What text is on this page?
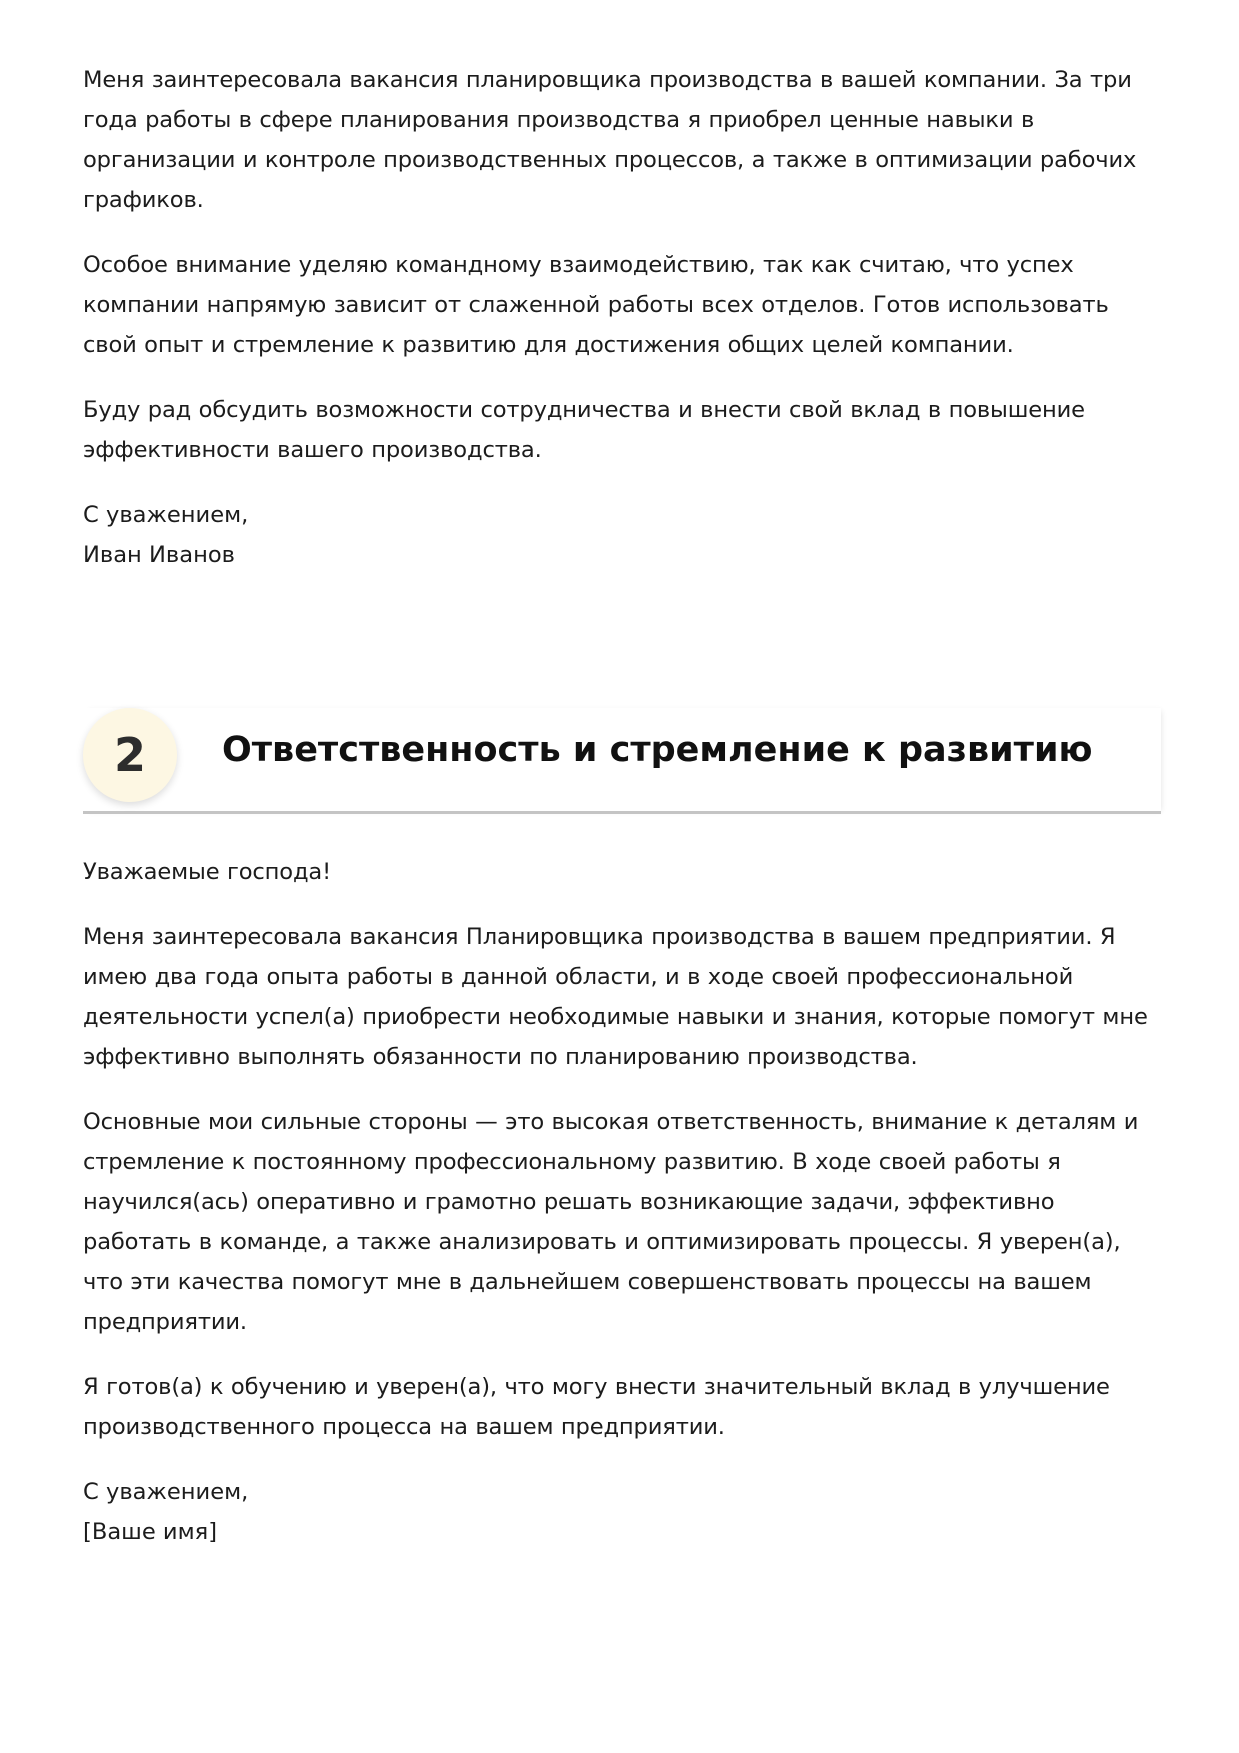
Меня заинтересовала вакансия планировщика производства в вашей компании. За три года работы в сфере планирования производства я приобрел ценные навыки в организации и контроле производственных процессов, а также в оптимизации рабочих графиков.

Особое внимание уделяю командному взаимодействию, так как считаю, что успех компании напрямую зависит от слаженной работы всех отделов. Готов использовать свой опыт и стремление к развитию для достижения общих целей компании.

Буду рад обсудить возможности сотрудничества и внести свой вклад в повышение эффективности вашего производства.

С уважением,
Иван Иванов

2	Ответственность и стремление к развитию

Уважаемые господа!

Меня заинтересовала вакансия Планировщика производства в вашем предприятии. Я имею два года опыта работы в данной области, и в ходе своей профессиональной деятельности успел(а) приобрести необходимые навыки и знания, которые помогут мне эффективно выполнять обязанности по планированию производства.

Основные мои сильные стороны — это высокая ответственность, внимание к деталям и стремление к постоянному профессиональному развитию. В ходе своей работы я научился(ась) оперативно и грамотно решать возникающие задачи, эффективно работать в команде, а также анализировать и оптимизировать процессы. Я уверен(а), что эти качества помогут мне в дальнейшем совершенствовать процессы на вашем предприятии.

Я готов(а) к обучению и уверен(а), что могу внести значительный вклад в улучшение производственного процесса на вашем предприятии.

С уважением,
[Ваше имя]
